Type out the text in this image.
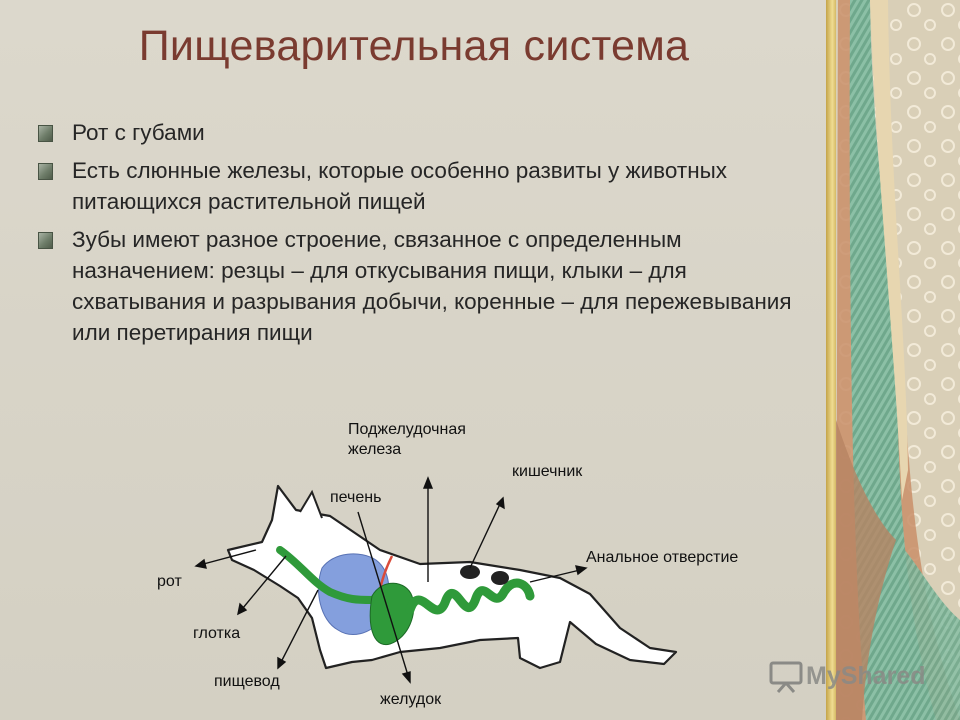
Пищеварительная система
Рот с губами
Есть слюнные железы, которые особенно развиты у животных питающихся растительной пищей
Зубы имеют разное строение, связанное с определенным назначением: резцы – для откусывания пищи, клыки – для схватывания и разрывания добычи, коренные – для пережевывания или перетирания пищи
Поджелудочная железа
кишечник
печень
Анальное отверстие
рот
глотка
пищевод
желудок
MyShared
